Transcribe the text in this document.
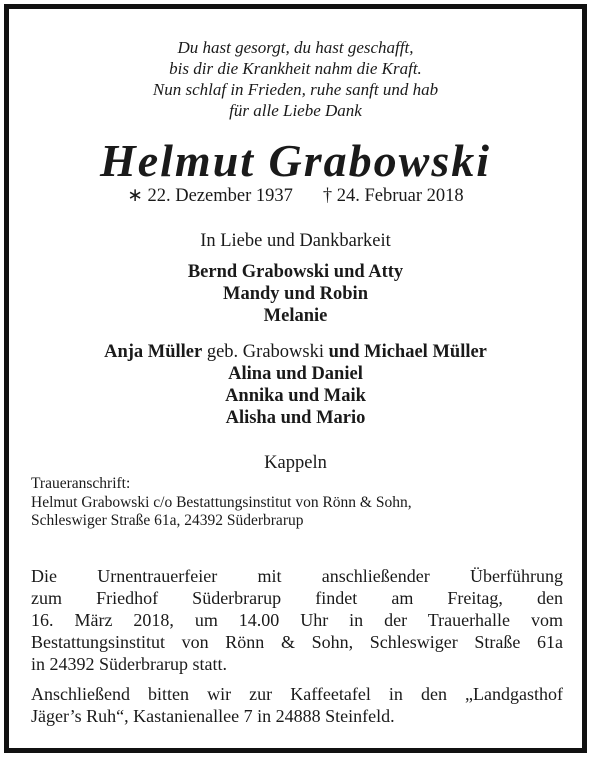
Du hast gesorgt, du hast geschafft,
bis dir die Krankheit nahm die Kraft.
Nun schlaf in Frieden, ruhe sanft und hab
für alle Liebe Dank
Helmut Grabowski
∗ 22. Dezember 1937 † 24. Februar 2018
In Liebe und Dankbarkeit
Bernd Grabowski und Atty
Mandy und Robin
Melanie
Anja Müller geb. Grabowski und Michael Müller
Alina und Daniel
Annika und Maik
Alisha und Mario
Kappeln
Traueranschrift:
Helmut Grabowski c/o Bestattungsinstitut von Rönn & Sohn,
Schleswiger Straße 61a, 24392 Süderbrarup
Die Urnentrauerfeier mit anschließender Überführung
zum Friedhof Süderbrarup findet am Freitag, den
16. März 2018, um 14.00 Uhr in der Trauerhalle vom
Bestattungsinstitut von Rönn & Sohn, Schleswiger Straße 61a
in 24392 Süderbrarup statt.
Anschließend bitten wir zur Kaffeetafel in den „Landgasthof
Jäger’s Ruh“, Kastanienallee 7 in 24888 Steinfeld.
